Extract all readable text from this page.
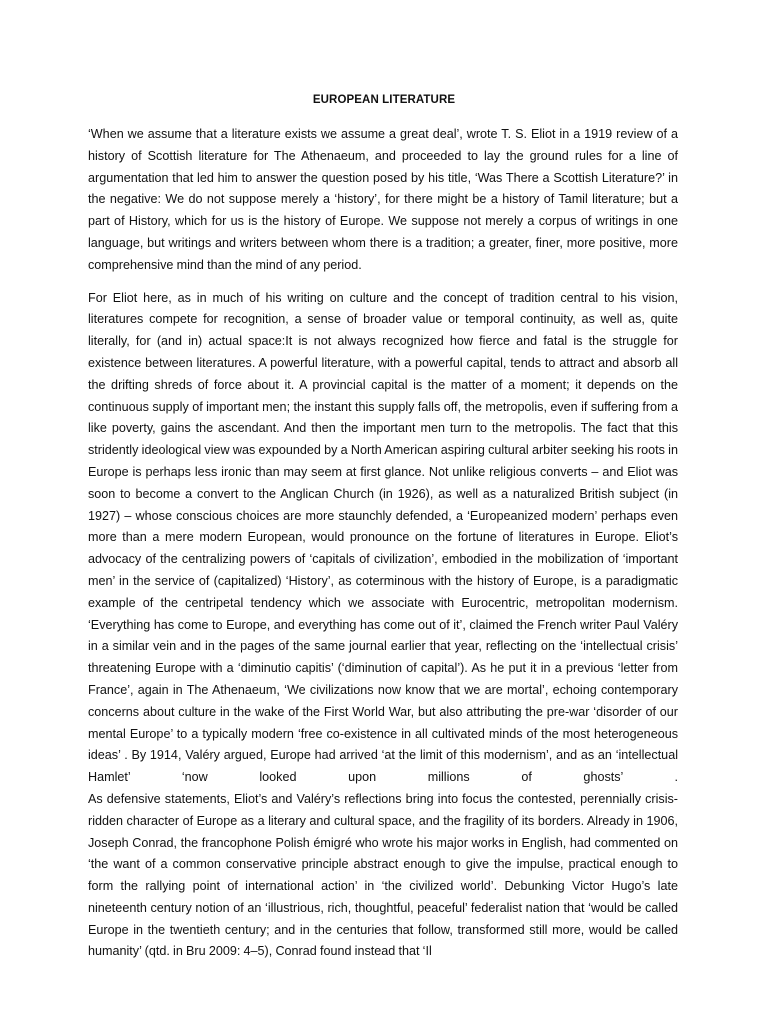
EUROPEAN LITERATURE

‘When we assume that a literature exists we assume a great deal’, wrote T. S. Eliot in a 1919 review of a history of Scottish literature for The Athenaeum, and proceeded to lay the ground rules for a line of argumentation that led him to answer the question posed by his title, ‘Was There a Scottish Literature?’ in the negative: We do not suppose merely a ‘history’, for there might be a history of Tamil literature; but a part of History, which for us is the history of Europe. We suppose not merely a corpus of writings in one language, but writings and writers between whom there is a tradition; a greater, finer, more positive, more comprehensive mind than the mind of any period.

For Eliot here, as in much of his writing on culture and the concept of tradition central to his vision, literatures compete for recognition, a sense of broader value or temporal continuity, as well as, quite literally, for (and in) actual space:It is not always recognized how fierce and fatal is the struggle for existence between literatures. A powerful literature, with a powerful capital, tends to attract and absorb all the drifting shreds of force about it. A provincial capital is the matter of a moment; it depends on the continuous supply of important men; the instant this supply falls off, the metropolis, even if suffering from a like poverty, gains the ascendant. And then the important men turn to the metropolis. The fact that this stridently ideological view was expounded by a North American aspiring cultural arbiter seeking his roots in Europe is perhaps less ironic than may seem at first glance. Not unlike religious converts – and Eliot was soon to become a convert to the Anglican Church (in 1926), as well as a naturalized British subject (in 1927) – whose conscious choices are more staunchly defended, a ‘Europeanized modern’ perhaps even more than a mere modern European, would pronounce on the fortune of literatures in Europe. Eliot’s advocacy of the centralizing powers of ‘capitals of civilization’, embodied in the mobilization of ‘important men’ in the service of (capitalized) ‘History’, as coterminous with the history of Europe, is a paradigmatic example of the centripetal tendency which we associate with Eurocentric, metropolitan modernism. ‘Everything has come to Europe, and everything has come out of it’, claimed the French writer Paul Valéry in a similar vein and in the pages of the same journal earlier that year, reflecting on the ‘intellectual crisis’ threatening Europe with a ‘diminutio capitis’ (‘diminution of capital’). As he put it in a previous ‘letter from France’, again in The Athenaeum, ‘We civilizations now know that we are mortal’, echoing contemporary concerns about culture in the wake of the First World War, but also attributing the pre-war ‘disorder of our mental Europe’ to a typically modern ‘free co-existence in all cultivated minds of the most heterogeneous ideas’ . By 1914, Valéry argued, Europe had arrived ‘at the limit of this modernism’, and as an ‘intellectual Hamlet’ ‘now looked upon millions of ghosts’ .

As defensive statements, Eliot’s and Valéry’s reflections bring into focus the contested, perennially crisis-ridden character of Europe as a literary and cultural space, and the fragility of its borders. Already in 1906, Joseph Conrad, the francophone Polish émigré who wrote his major works in English, had commented on ‘the want of a common conservative principle abstract enough to give the impulse, practical enough to form the rallying point of international action’ in ‘the civilized world’. Debunking Victor Hugo’s late nineteenth century notion of an ‘illustrious, rich, thoughtful, peaceful’ federalist nation that ‘would be called Europe in the twentieth century; and in the centuries that follow, transformed still more, would be called humanity’ (qtd. in Bru 2009: 4–5), Conrad found instead that ‘Il
